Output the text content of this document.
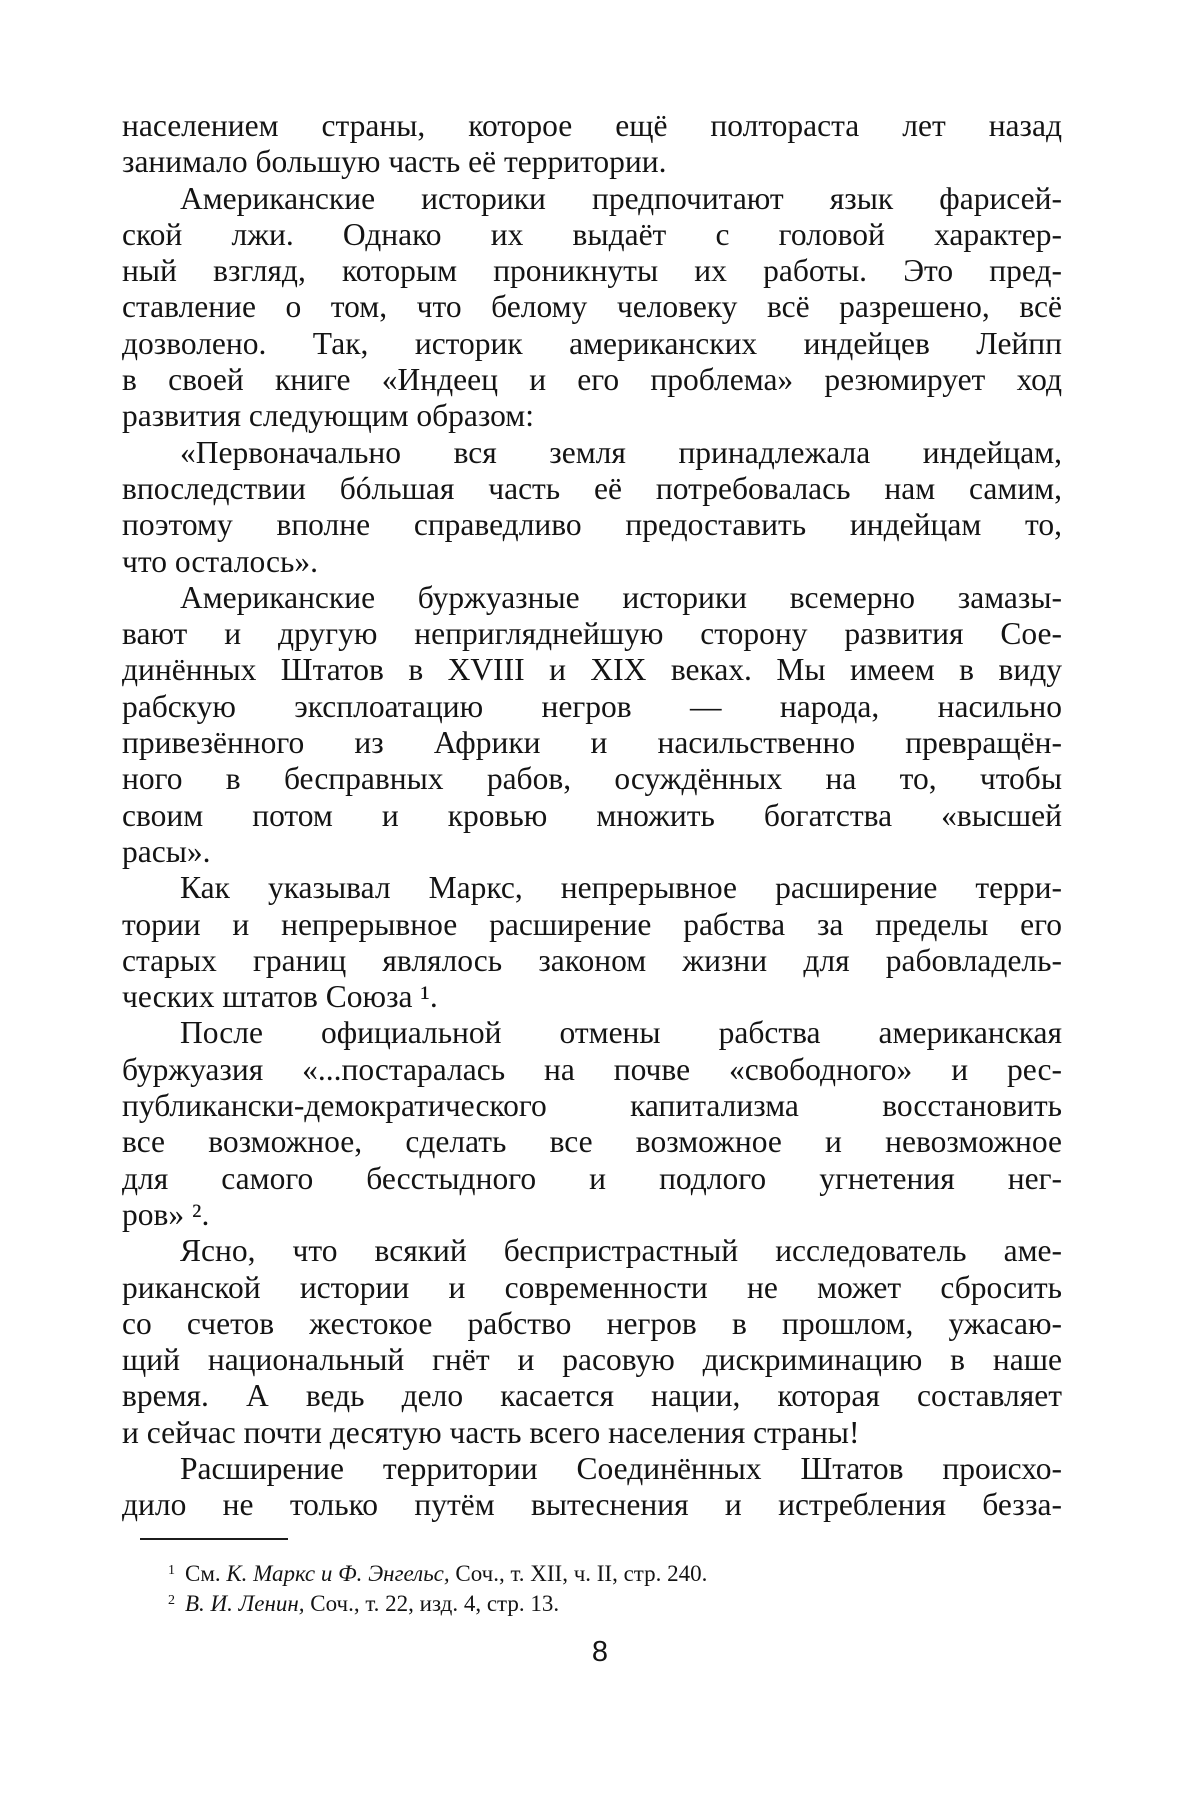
населением страны, которое ещё полтораста лет назад
занимало большую часть её территории.
Американские историки предпочитают язык фарисей-
ской лжи. Однако их выдаёт с головой характер-
ный взгляд, которым проникнуты их работы. Это пред-
ставление о том, что белому человеку всё разрешено, всё
дозволено. Так, историк американских индейцев Лейпп
в своей книге «Индеец и его проблема» резюмирует ход
развития следующим образом:
«Первоначально вся земля принадлежала индейцам,
впоследствии бóльшая часть её потребовалась нам самим,
поэтому вполне справедливо предоставить индейцам то,
что осталось».
Американские буржуазные историки всемерно замазы-
вают и другую непригляднейшую сторону развития Сое-
динённых Штатов в XVIII и XIX веках. Мы имеем в виду
рабскую эксплоатацию негров — народа, насильно
привезённого из Африки и насильственно превращён-
ного в бесправных рабов, осуждённых на то, чтобы
своим потом и кровью множить богатства «высшей
расы».
Как указывал Маркс, непрерывное расширение терри-
тории и непрерывное расширение рабства за пределы его
старых границ являлось законом жизни для рабовладель-
ческих штатов Союза ¹.
После официальной отмены рабства американская
буржуазия «...постаралась на почве «свободного» и рес-
публикански-демократического капитализма восстановить
все возможное, сделать все возможное и невозможное
для самого бесстыдного и подлого угнетения нег-
ров» ².
Ясно, что всякий беспристрастный исследователь аме-
риканской истории и современности не может сбросить
со счетов жестокое рабство негров в прошлом, ужасаю-
щий национальный гнёт и расовую дискриминацию в наше
время. А ведь дело касается нации, которая составляет
и сейчас почти десятую часть всего населения страны!
Расширение территории Соединённых Штатов происхо-
дило не только путём вытеснения и истребления безза-
$^1$ См. К. Маркс и Ф. Энгельс, Соч., т. XII, ч. II, стр. 240.
$^2$ В. И. Ленин, Соч., т. 22, изд. 4, стр. 13.
8
